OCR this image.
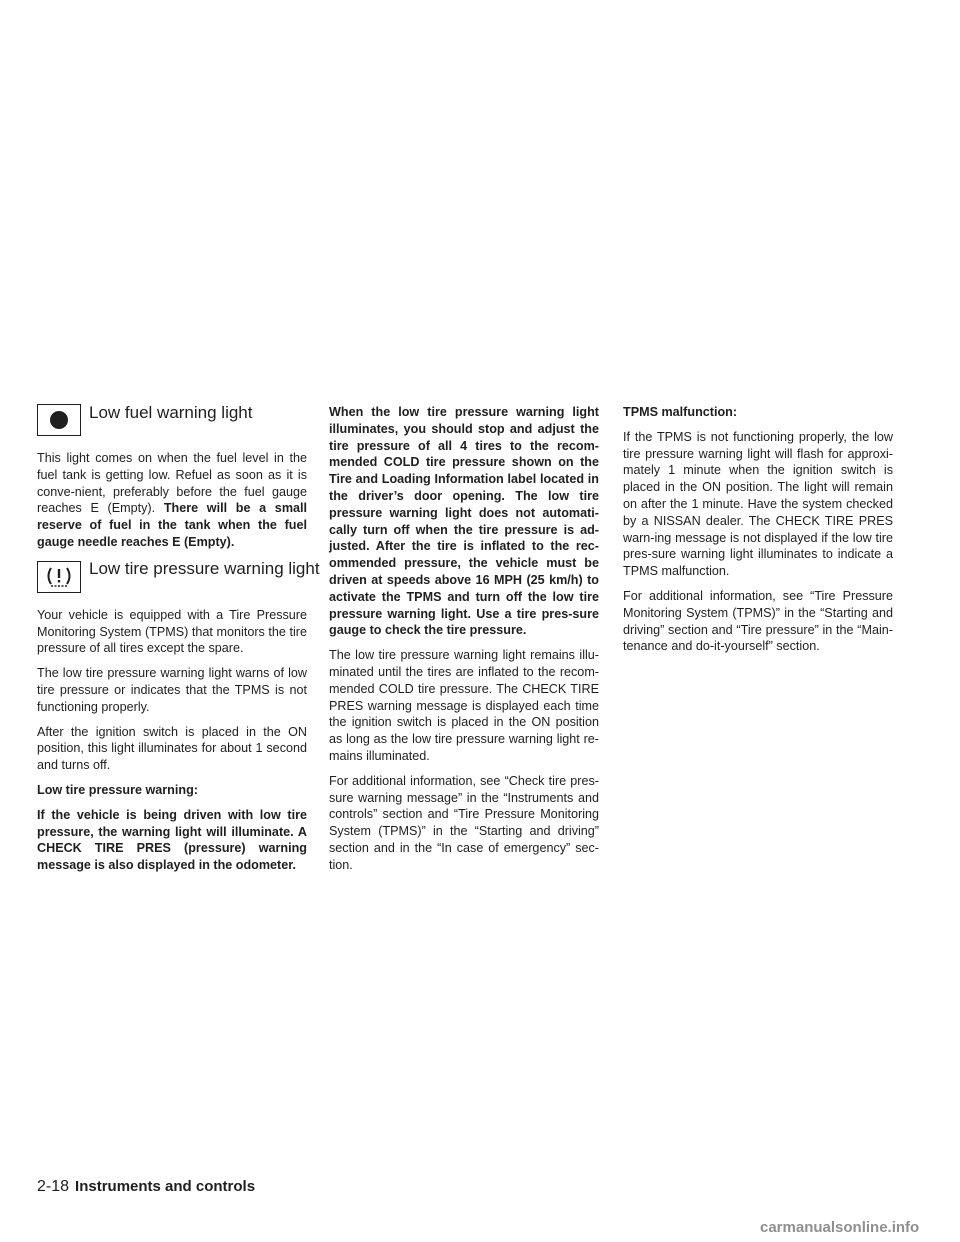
Low fuel warning light

This light comes on when the fuel level in the fuel tank is getting low. Refuel as soon as it is conve-nient, preferably before the fuel gauge reaches E (Empty). There will be a small reserve of fuel in the tank when the fuel gauge needle reaches E (Empty).

Low tire pressure warning light

Your vehicle is equipped with a Tire Pressure Monitoring System (TPMS) that monitors the tire pressure of all tires except the spare.

The low tire pressure warning light warns of low tire pressure or indicates that the TPMS is not functioning properly.

After the ignition switch is placed in the ON position, this light illuminates for about 1 second and turns off.

Low tire pressure warning:

If the vehicle is being driven with low tire pressure, the warning light will illuminate. A CHECK TIRE PRES (pressure) warning message is also displayed in the odometer.

When the low tire pressure warning light illuminates, you should stop and adjust the tire pressure of all 4 tires to the recom-mended COLD tire pressure shown on the Tire and Loading Information label located in the driver’s door opening. The low tire pressure warning light does not automati-cally turn off when the tire pressure is ad-justed. After the tire is inflated to the rec-ommended pressure, the vehicle must be driven at speeds above 16 MPH (25 km/h) to activate the TPMS and turn off the low tire pressure warning light. Use a tire pres-sure gauge to check the tire pressure.

The low tire pressure warning light remains illu-minated until the tires are inflated to the recom-mended COLD tire pressure. The CHECK TIRE PRES warning message is displayed each time the ignition switch is placed in the ON position as long as the low tire pressure warning light re-mains illuminated.

For additional information, see “Check tire pres-sure warning message” in the “Instruments and controls” section and “Tire Pressure Monitoring System (TPMS)” in the “Starting and driving” section and in the “In case of emergency” sec-tion.

TPMS malfunction:

If the TPMS is not functioning properly, the low tire pressure warning light will flash for approxi-mately 1 minute when the ignition switch is placed in the ON position. The light will remain on after the 1 minute. Have the system checked by a NISSAN dealer. The CHECK TIRE PRES warn-ing message is not displayed if the low tire pres-sure warning light illuminates to indicate a TPMS malfunction.

For additional information, see “Tire Pressure Monitoring System (TPMS)” in the “Starting and driving” section and “Tire pressure” in the “Main-tenance and do-it-yourself” section.

2-18 Instruments and controls
carmanualsonline.info
